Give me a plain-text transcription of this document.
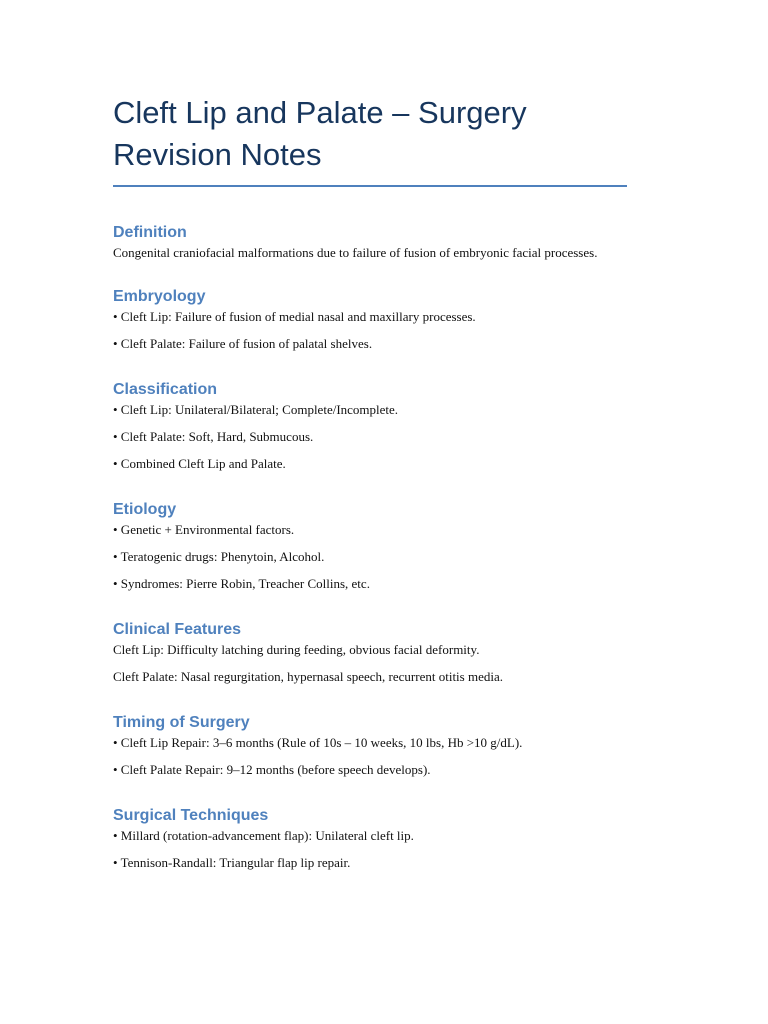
Cleft Lip and Palate – Surgery Revision Notes
Definition

Congenital craniofacial malformations due to failure of fusion of embryonic facial processes.

Embryology

• Cleft Lip: Failure of fusion of medial nasal and maxillary processes.

• Cleft Palate: Failure of fusion of palatal shelves.

Classification

• Cleft Lip: Unilateral/Bilateral; Complete/Incomplete.

• Cleft Palate: Soft, Hard, Submucous.

• Combined Cleft Lip and Palate.

Etiology

• Genetic + Environmental factors.

• Teratogenic drugs: Phenytoin, Alcohol.

• Syndromes: Pierre Robin, Treacher Collins, etc.

Clinical Features

Cleft Lip: Difficulty latching during feeding, obvious facial deformity.

Cleft Palate: Nasal regurgitation, hypernasal speech, recurrent otitis media.

Timing of Surgery

• Cleft Lip Repair: 3–6 months (Rule of 10s – 10 weeks, 10 lbs, Hb >10 g/dL).

• Cleft Palate Repair: 9–12 months (before speech develops).

Surgical Techniques

• Millard (rotation-advancement flap): Unilateral cleft lip.

• Tennison-Randall: Triangular flap lip repair.
